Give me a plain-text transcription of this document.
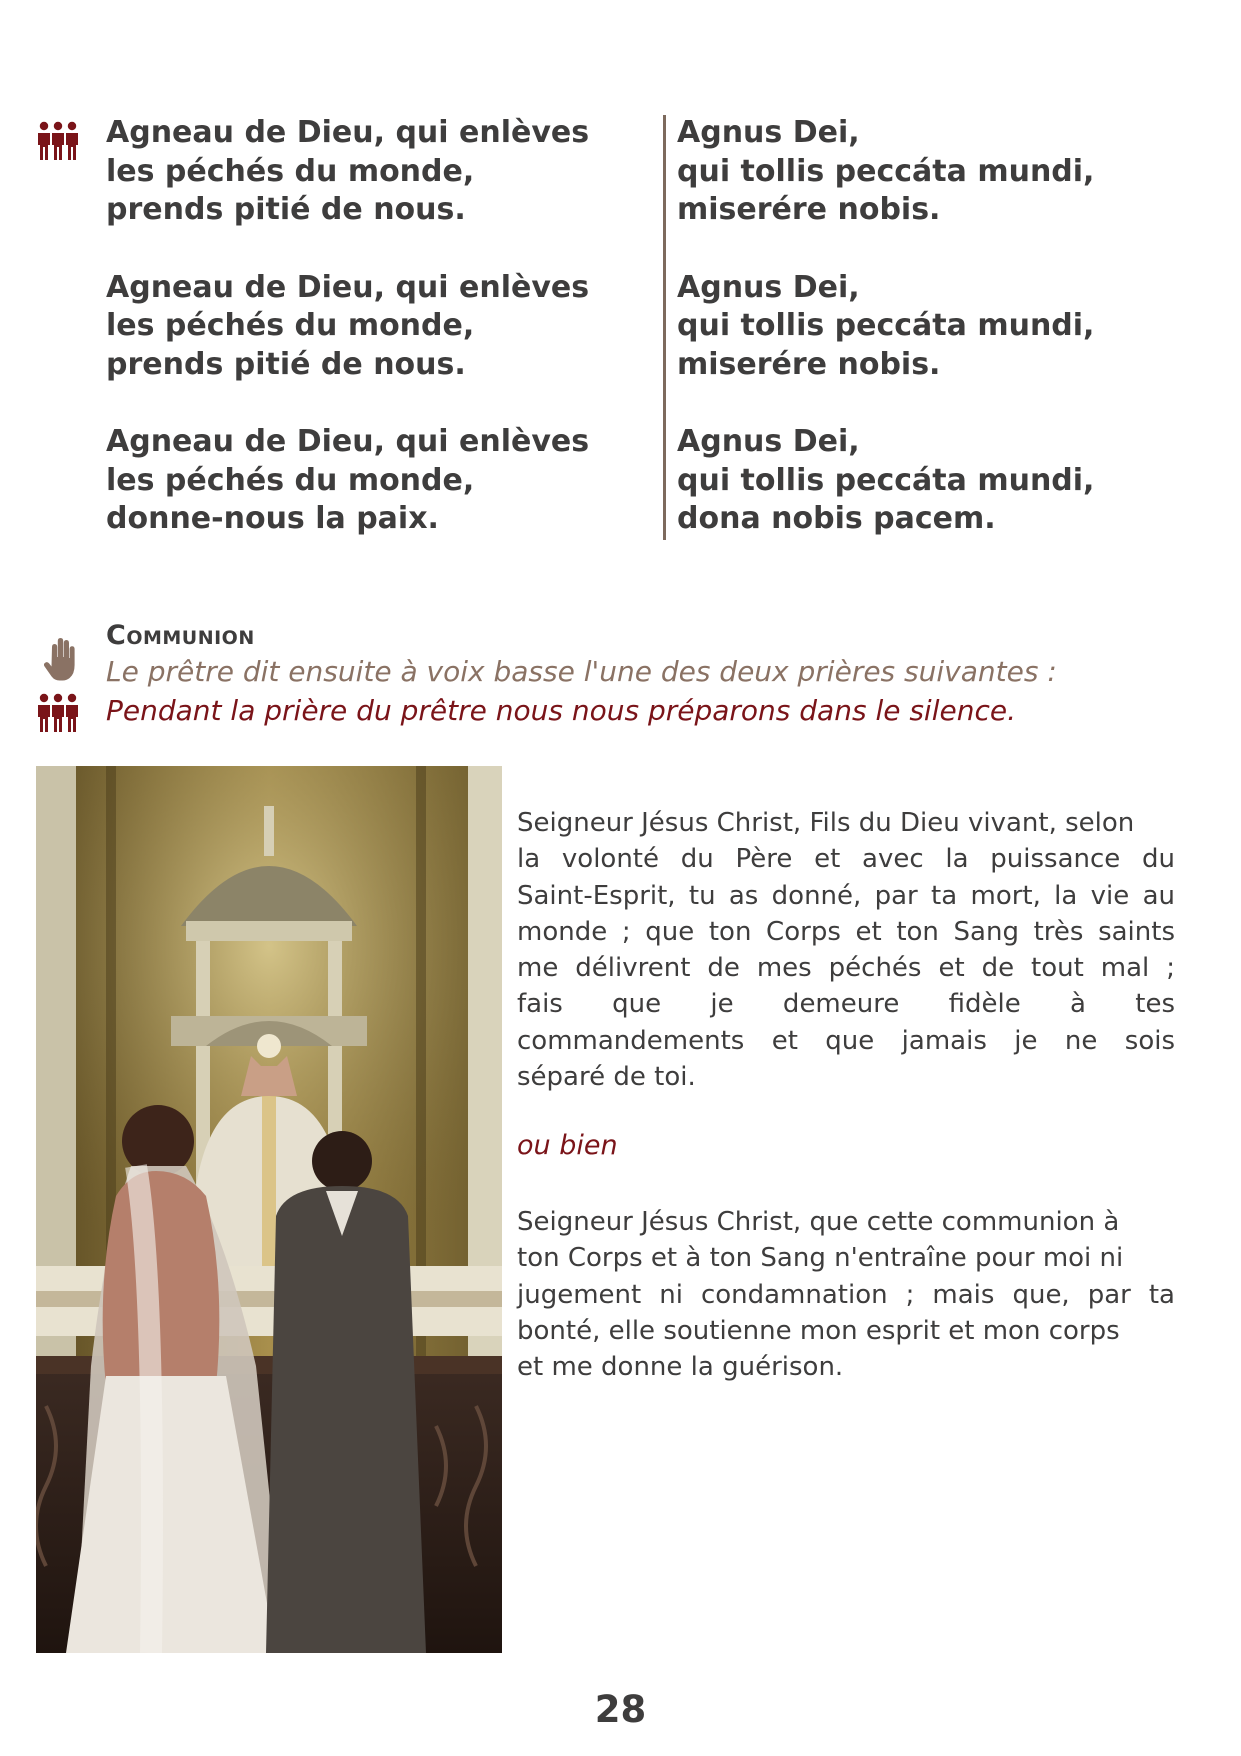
Agneau de Dieu, qui enlèves
les péchés du monde,
prends pitié de nous.
Agneau de Dieu, qui enlèves
les péchés du monde,
prends pitié de nous.
Agneau de Dieu, qui enlèves
les péchés du monde,
donne-nous la paix.
Agnus Dei,
qui tollis peccáta mundi,
miserére nobis.
Agnus Dei,
qui tollis peccáta mundi,
miserére nobis.
Agnus Dei,
qui tollis peccáta mundi,
dona nobis pacem.
Communion
Le prêtre dit ensuite à voix basse l'une des deux prières suivantes :
Pendant la prière du prêtre nous nous préparons dans le silence.
Seigneur Jésus Christ, Fils du Dieu vivant, selon
la volonté du Père et avec la puissance du
Saint-Esprit, tu as donné, par ta mort, la vie au
monde ; que ton Corps et ton Sang très saints
me délivrent de mes péchés et de tout mal ;
fais que je demeure fidèle à tes
commandements et que jamais je ne sois
séparé de toi.
ou bien
Seigneur Jésus Christ, que cette communion à
ton Corps et à ton Sang n'entraîne pour moi ni
jugement ni condamnation ; mais que, par ta
bonté, elle soutienne mon esprit et mon corps
et me donne la guérison.
28
